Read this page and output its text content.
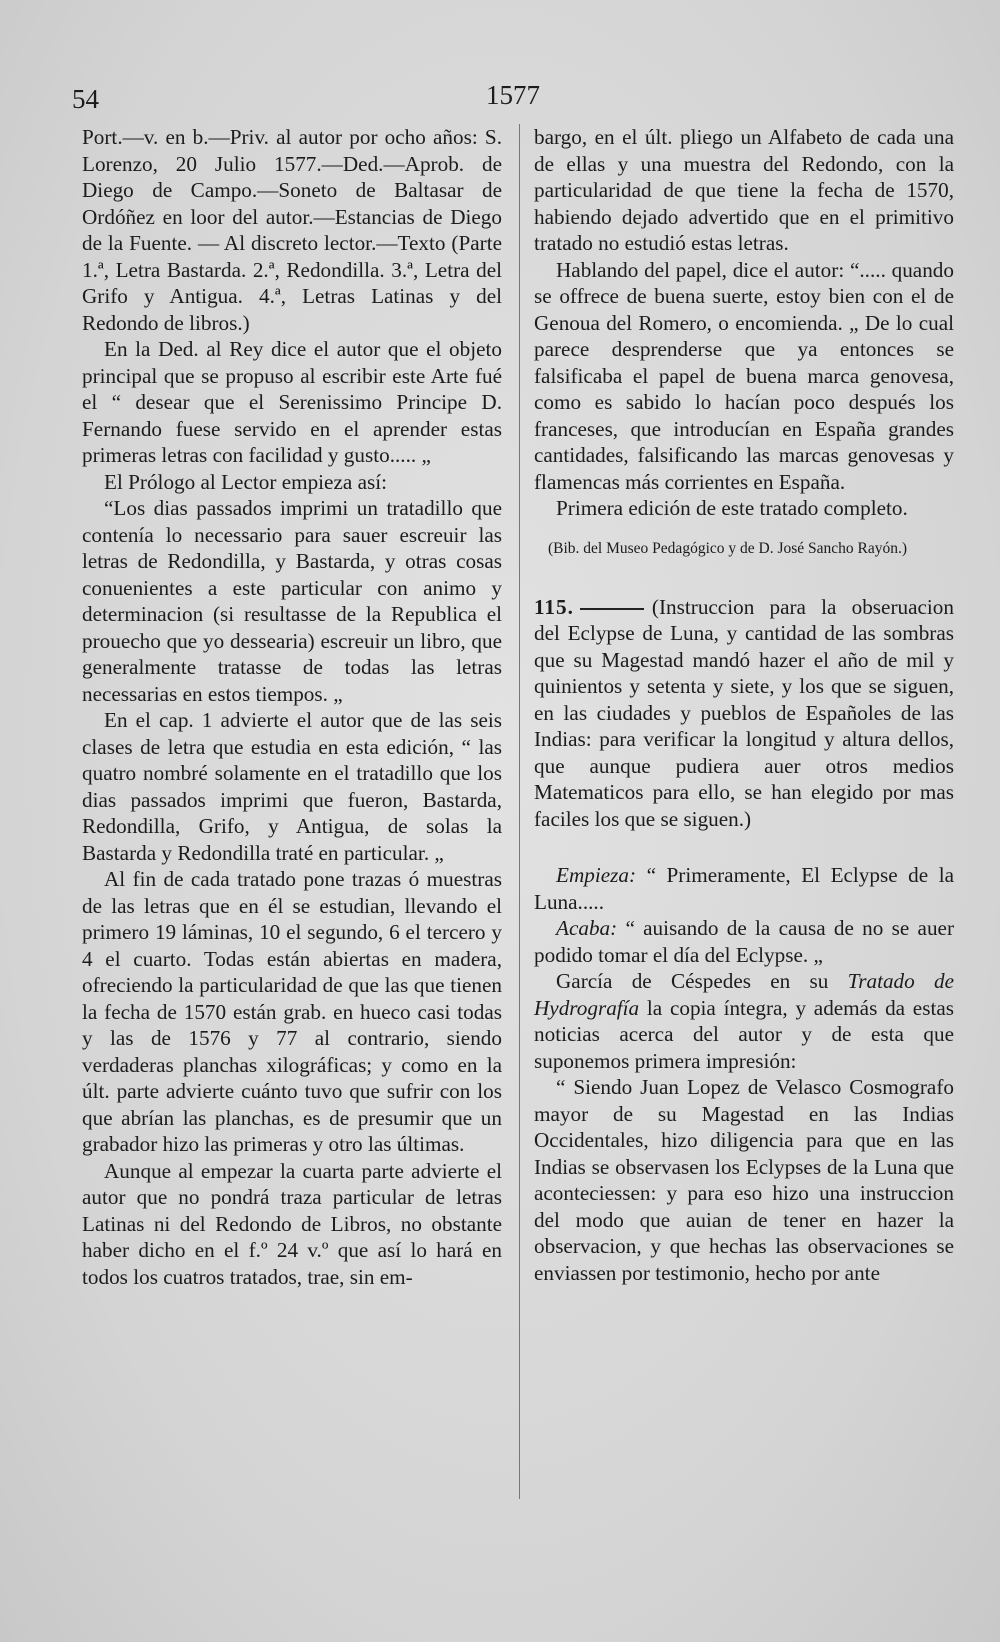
54	1577

Port.—v. en b.—Priv. al autor por ocho años: S. Lorenzo, 20 Julio 1577.—Ded.—Aprob. de Diego de Campo.—Soneto de Baltasar de Ordóñez en loor del autor.—Estancias de Diego de la Fuente. — Al discreto lector.—Texto (Parte 1.ª, Letra Bastarda. 2.ª, Redondilla. 3.ª, Letra del Grifo y Antigua. 4.ª, Letras Latinas y del Redondo de libros.)

En la Ded. al Rey dice el autor que el objeto principal que se propuso al escribir este Arte fué el “ desear que el Serenissimo Principe D. Fernando fuese servido en el aprender estas primeras letras con facilidad y gusto..... „

El Prólogo al Lector empieza así:

“Los dias passados imprimi un tratadillo que contenía lo necessario para sauer escreuir las letras de Redondilla, y Bastarda, y otras cosas conuenientes a este particular con animo y determinacion (si resultasse de la Republica el prouecho que yo dessearia) escreuir un libro, que generalmente tratasse de todas las letras necessarias en estos tiempos. „

En el cap. 1 advierte el autor que de las seis clases de letra que estudia en esta edición, “ las quatro nombré solamente en el tratadillo que los dias passados imprimi que fueron, Bastarda, Redondilla, Grifo, y Antigua, de solas la Bastarda y Redondilla traté en particular. „

Al fin de cada tratado pone trazas ó muestras de las letras que en él se estudian, llevando el primero 19 láminas, 10 el segundo, 6 el tercero y 4 el cuarto. Todas están abiertas en madera, ofreciendo la particularidad de que las que tienen la fecha de 1570 están grab. en hueco casi todas y las de 1576 y 77 al contrario, siendo verdaderas planchas xilográficas; y como en la últ. parte advierte cuánto tuvo que sufrir con los que abrían las planchas, es de presumir que un grabador hizo las primeras y otro las últimas.

Aunque al empezar la cuarta parte advierte el autor que no pondrá traza particular de letras Latinas ni del Redondo de Libros, no obstante haber dicho en el f.º 24 v.º que así lo hará en todos los cuatros tratados, trae, sin em-

bargo, en el últ. pliego un Alfabeto de cada una de ellas y una muestra del Redondo, con la particularidad de que tiene la fecha de 1570, habiendo dejado advertido que en el primitivo tratado no estudió estas letras.

Hablando del papel, dice el autor: “..... quando se offrece de buena suerte, estoy bien con el de Genoua del Romero, o encomienda. „ De lo cual parece desprenderse que ya entonces se falsificaba el papel de buena marca genovesa, como es sabido lo hacían poco después los franceses, que introducían en España grandes cantidades, falsificando las marcas genovesas y flamencas más corrientes en España.

Primera edición de este tratado completo.

(Bib. del Museo Pedagógico y de D. José Sancho Rayón.)

115.	(Instruccion para la obseruacion del Eclypse de Luna, y cantidad de las sombras que su Magestad mandó hazer el año de mil y quinientos y setenta y siete, y los que se siguen, en las ciudades y pueblos de Españoles de las Indias: para verificar la longitud y altura dellos, que aunque pudiera auer otros medios Matematicos para ello, se han elegido por mas faciles los que se siguen.)

Empieza: “ Primeramente, El Eclypse de la Luna.....

Acaba: “ auisando de la causa de no se auer podido tomar el día del Eclypse. „

García de Céspedes en su Tratado de Hydrografía la copia íntegra, y además da estas noticias acerca del autor y de esta que suponemos primera impresión:

“ Siendo Juan Lopez de Velasco Cosmografo mayor de su Magestad en las Indias Occidentales, hizo diligencia para que en las Indias se observasen los Eclypses de la Luna que aconteciessen: y para eso hizo una instruccion del modo que auian de tener en hazer la observacion, y que hechas las observaciones se enviassen por testimonio, hecho por ante
